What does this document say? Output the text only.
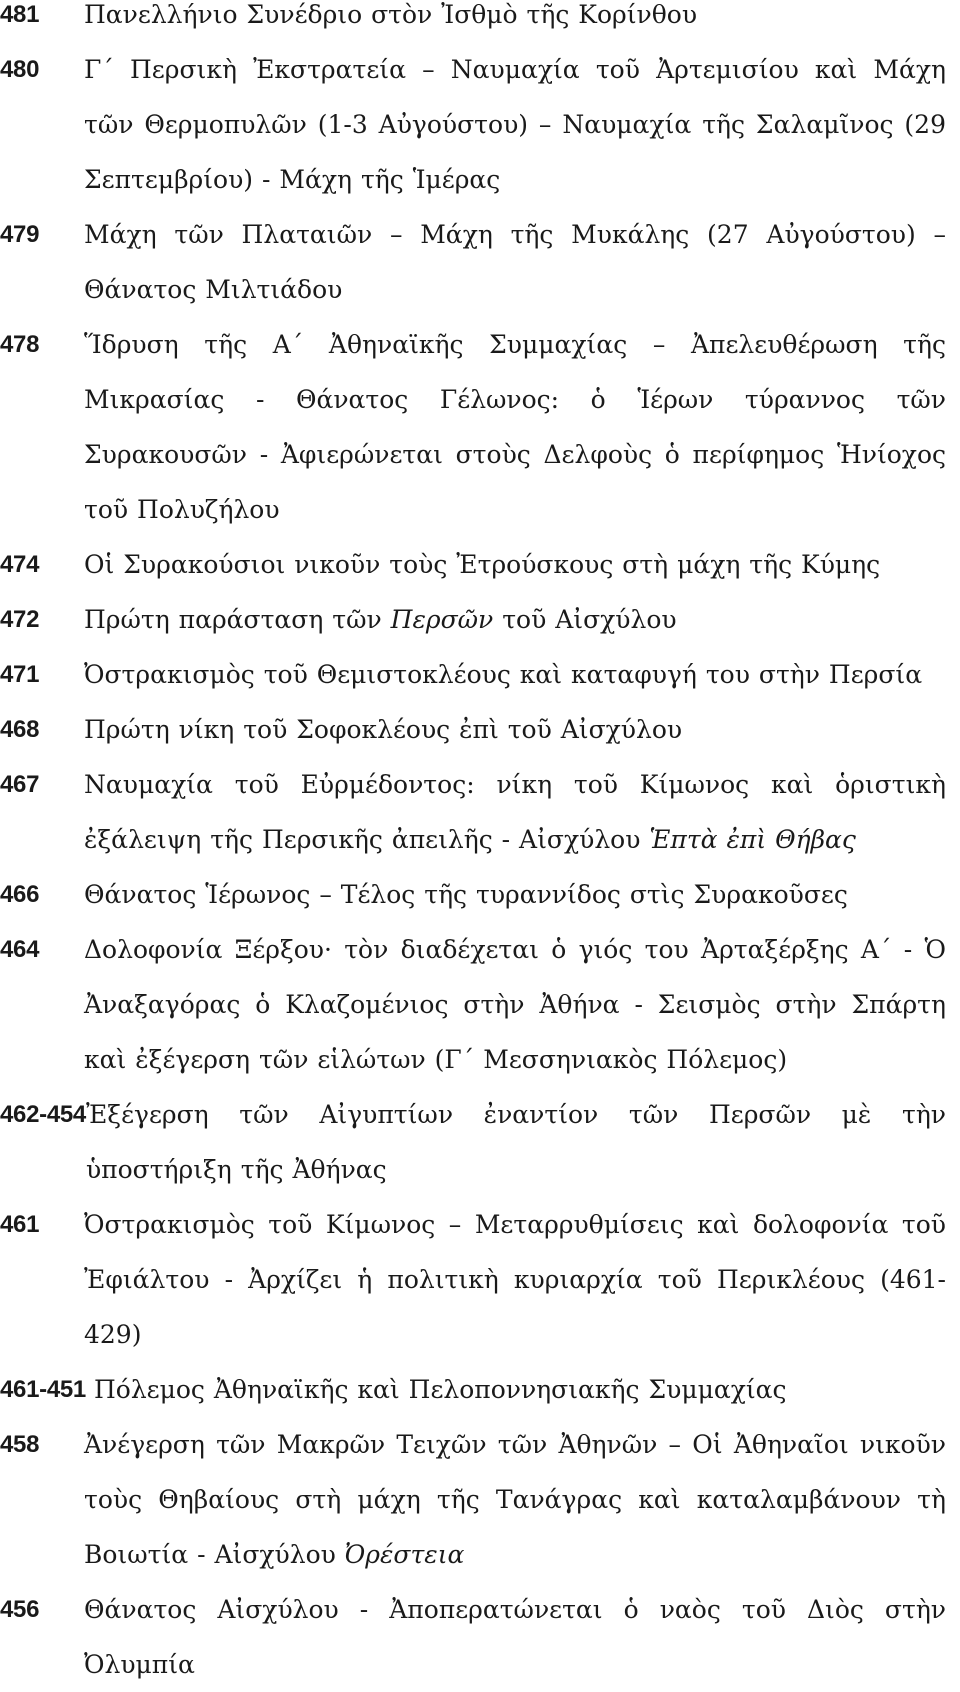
481	Πανελλήνιο Συνέδριο στὸν Ἰσθμὸ τῆς Κορίνθου
480	Γ΄ Περσικὴ Ἐκστρατεία – Ναυμαχία τοῦ Ἀρτεμισίου καὶ Μάχη τῶν Θερμοπυλῶν (1-3 Αὐγούστου) – Ναυμαχία τῆς Σαλαμῖνος (29 Σεπτεμβρίου) - Μάχη τῆς Ἱμέρας
479	Μάχη τῶν Πλαταιῶν – Μάχη τῆς Μυκάλης (27 Αὐγούστου) – Θάνατος Μιλτιάδου
478	Ἵδρυση τῆς Α΄ Ἀθηναϊκῆς Συμμαχίας – Ἀπελευθέρωση τῆς Μικρασίας - Θάνατος Γέλωνος: ὁ Ἱέρων τύραννος τῶν Συρακουσῶν - Ἀφιερώνεται στοὺς Δελφοὺς ὁ περίφημος Ἡνίοχος τοῦ Πολυζήλου
474	Οἱ Συρακούσιοι νικοῦν τοὺς Ἐτρούσκους στὴ μάχη τῆς Κύμης
472	Πρώτη παράσταση τῶν Περσῶν τοῦ Αἰσχύλου
471	Ὀστρακισμὸς τοῦ Θεμιστοκλέους καὶ καταφυγή του στὴν Περσία
468	Πρώτη νίκη τοῦ Σοφοκλέους ἐπὶ τοῦ Αἰσχύλου
467	Ναυμαχία τοῦ Εὐρμέδοντος: νίκη τοῦ Κίμωνος καὶ ὁριστικὴ ἐξάλειψη τῆς Περσικῆς ἀπειλῆς - Αἰσχύλου Ἑπτὰ ἐπὶ Θήβας
466	Θάνατος Ἱέρωνος – Τέλος τῆς τυραννίδος στὶς Συρακοῦσες
464	Δολοφονία Ξέρξου· τὸν διαδέχεται ὁ γιός του Ἀρταξέρξης Α΄ - Ὁ Ἀναξαγόρας ὁ Κλαζομένιος στὴν Ἀθήνα - Σεισμὸς στὴν Σπάρτη καὶ ἐξέγερση τῶν εἱλώτων (Γ΄ Μεσσηνιακὸς Πόλεμος)
462-454 Ἐξέγερση τῶν Αἰγυπτίων ἐναντίον τῶν Περσῶν μὲ τὴν ὑποστήριξη τῆς Ἀθήνας
461	Ὀστρακισμὸς τοῦ Κίμωνος – Μεταρρυθμίσεις καὶ δολοφονία τοῦ Ἐφιάλτου - Ἀρχίζει ἡ πολιτικὴ κυριαρχία τοῦ Περικλέους (461-429)
461-451 Πόλεμος Ἀθηναϊκῆς καὶ Πελοποννησιακῆς Συμμαχίας
458	Ἀνέγερση τῶν Μακρῶν Τειχῶν τῶν Ἀθηνῶν – Οἱ Ἀθηναῖοι νικοῦν τοὺς Θηβαίους στὴ μάχη τῆς Τανάγρας καὶ καταλαμβάνουν τὴ Βοιωτία - Αἰσχύλου Ὀρέστεια
456	Θάνατος Αἰσχύλου - Ἀποπερατώνεται ὁ ναὸς τοῦ Διὸς στὴν Ὀλυμπία
